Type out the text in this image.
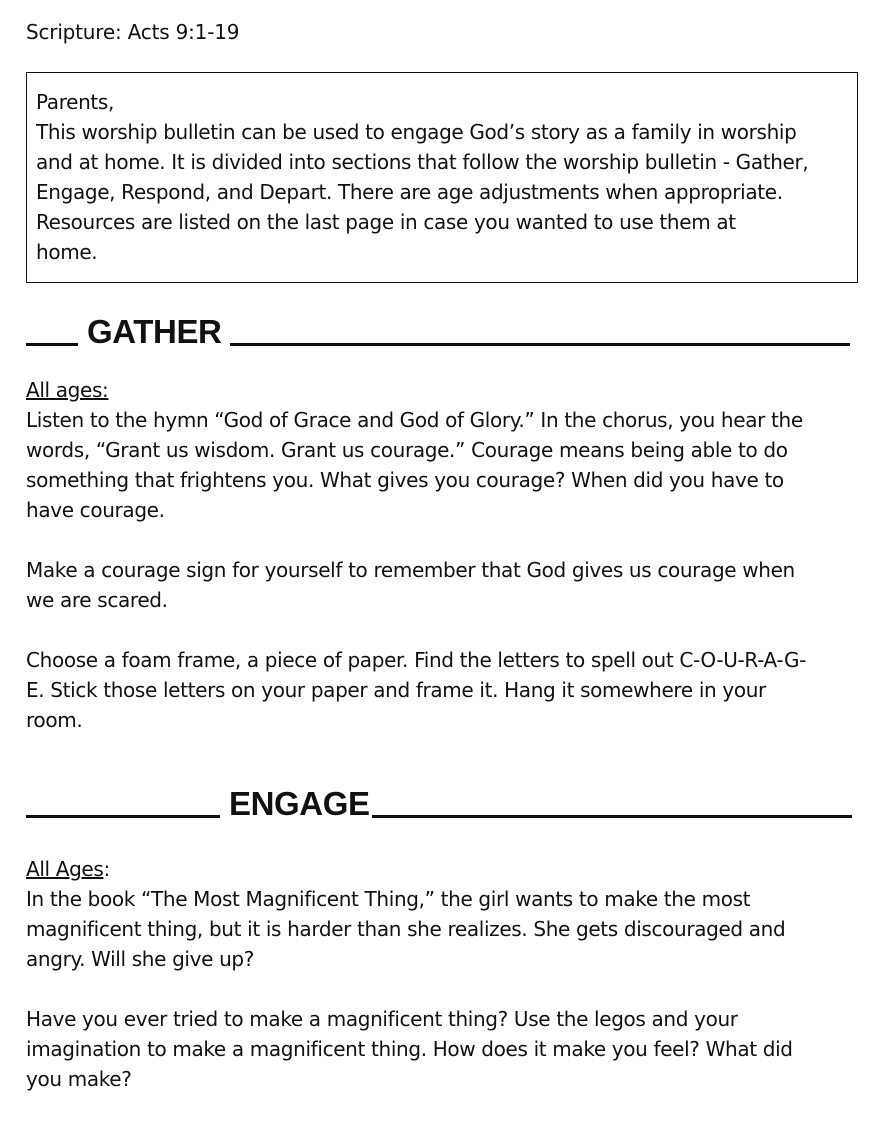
Scripture: Acts 9:1-19

Parents,

This worship bulletin can be used to engage God’s story as a family in worship

and at home. It is divided into sections that follow the worship bulletin - Gather,

Engage, Respond, and Depart. There are age adjustments when appropriate.

Resources are listed on the last page in case you wanted to use them at

home.

GATHER

All ages:

Listen to the hymn “God of Grace and God of Glory.” In the chorus, you hear the

words, “Grant us wisdom. Grant us courage.” Courage means being able to do

something that frightens you. What gives you courage? When did you have to

have courage.

Make a courage sign for yourself to remember that God gives us courage when

we are scared.

Choose a foam frame, a piece of paper. Find the letters to spell out C-O-U-R-A-G-

E. Stick those letters on your paper and frame it. Hang it somewhere in your

room.

ENGAGE

All Ages:

In the book “The Most Magnificent Thing,” the girl wants to make the most

magnificent thing, but it is harder than she realizes. She gets discouraged and

angry. Will she give up?

Have you ever tried to make a magnificent thing? Use the legos and your

imagination to make a magnificent thing. How does it make you feel? What did

you make?
